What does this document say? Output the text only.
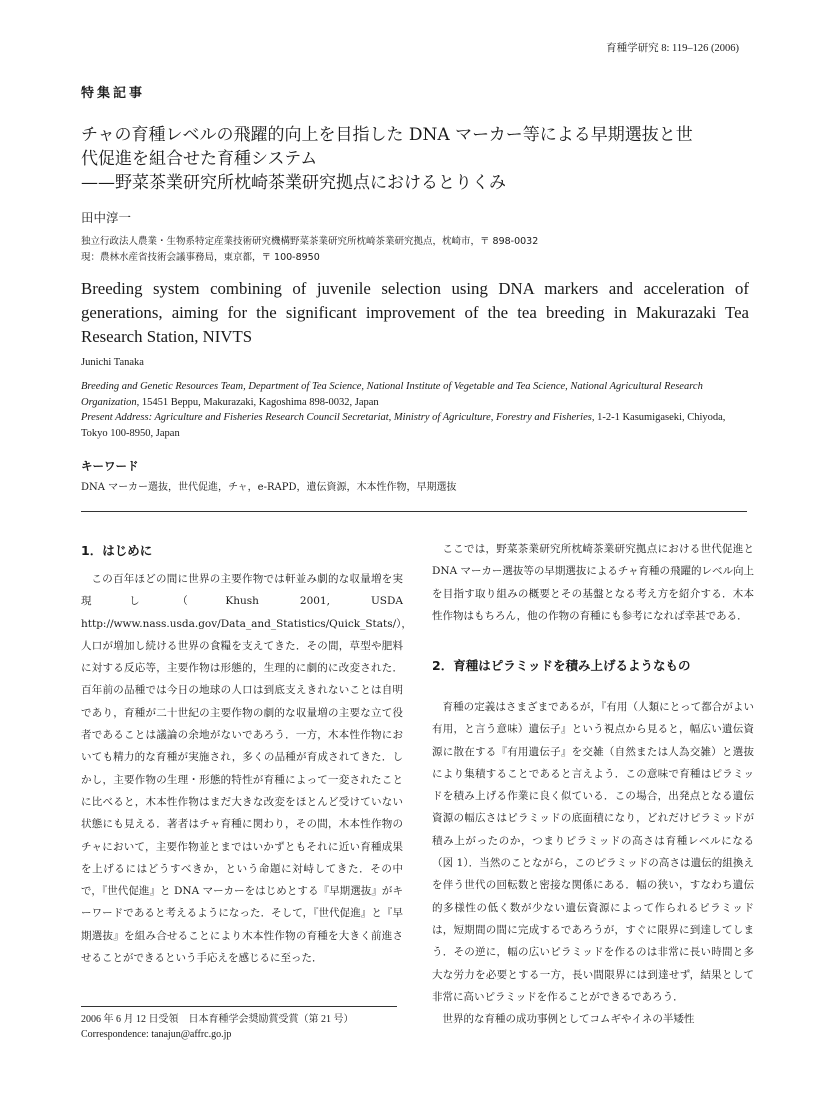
育種学研究 8: 119–126 (2006)
特集記事
チャの育種レベルの飛躍的向上を目指した DNA マーカー等による早期選抜と世
代促進を組合せた育種システム
——野菜茶業研究所枕崎茶業研究拠点におけるとりくみ
田中淳一
独立行政法人農業・生物系特定産業技術研究機構野菜茶業研究所枕崎茶業研究拠点，枕崎市，〒 898-0032
現：農林水産省技術会議事務局，東京都，〒 100-8950
Breeding system combining of juvenile selection using DNA markers and acceleration of generations, aiming for the significant improvement of the tea breeding in Makurazaki Tea Research Station, NIVTS
Junichi Tanaka
Breeding and Genetic Resources Team, Department of Tea Science, National Institute of Vegetable and Tea Science, National Agricultural Research Organization, 15451 Beppu, Makurazaki, Kagoshima 898-0032, Japan
Present Address: Agriculture and Fisheries Research Council Secretariat, Ministry of Agriculture, Forestry and Fisheries, 1-2-1 Kasumigaseki, Chiyoda, Tokyo 100-8950, Japan
キーワード
DNA マーカー選抜，世代促進，チャ，e-RAPD，遺伝資源，木本性作物，早期選抜
1．はじめに

この百年ほどの間に世界の主要作物では軒並み劇的な収量増を実現し（Khush 2001, USDA http://www.nass.usda.gov/Data_and_Statistics/Quick_Stats/），人口が増加し続ける世界の食糧を支えてきた．その間，草型や肥料に対する反応等，主要作物は形態的，生理的に劇的に改変された．百年前の品種では今日の地球の人口は到底支えきれないことは自明であり，育種が二十世紀の主要作物の劇的な収量増の主要な立て役者であることは議論の余地がないであろう．一方，木本性作物においても精力的な育種が実施され，多くの品種が育成されてきた．しかし，主要作物の生理・形態的特性が育種によって一変されたことに比べると，木本性作物はまだ大きな改変をほとんど受けていない状態にも見える．著者はチャ育種に関わり，その間，木本性作物のチャにおいて，主要作物並とまではいかずともそれに近い育種成果を上げるにはどうすべきか，という命題に対峙してきた．その中で，『世代促進』と DNA マーカーをはじめとする『早期選抜』がキーワードであると考えるようになった．そして，『世代促進』と『早期選抜』を組み合せることにより木本性作物の育種を大きく前進させることができるという手応えを感じるに至った．

ここでは，野菜茶業研究所枕崎茶業研究拠点における世代促進と DNA マーカー選抜等の早期選抜によるチャ育種の飛躍的レベル向上を目指す取り組みの概要とその基盤となる考え方を紹介する．木本性作物はもちろん，他の作物の育種にも参考になれば幸甚である．

2．育種はピラミッドを積み上げるようなもの

育種の定義はさまざまであるが，『有用（人類にとって都合がよい有用，と言う意味）遺伝子』という視点から見ると，幅広い遺伝資源に散在する『有用遺伝子』を交雑（自然または人為交雑）と選抜により集積することであると言えよう．この意味で育種はピラミッドを積み上げる作業に良く似ている．この場合，出発点となる遺伝資源の幅広さはピラミッドの底面積になり，どれだけピラミッドが積み上がったのか，つまりピラミッドの高さは育種レベルになる（図 1）．当然のことながら，このピラミッドの高さは遺伝的組換えを伴う世代の回転数と密接な関係にある．幅の狭い，すなわち遺伝的多様性の低く数が少ない遺伝資源によって作られるピラミッドは，短期間の間に完成するであろうが，すぐに限界に到達してしまう．その逆に，幅の広いピラミッドを作るのは非常に長い時間と多大な労力を必要とする一方，長い間限界には到達せず，結果として非常に高いピラミッドを作ることができるであろう．

世界的な育種の成功事例としてコムギやイネの半矮性

2006 年 6 月 12 日受領　日本育種学会奨励賞受賞（第 21 号）
Correspondence: tanajun@affrc.go.jp
